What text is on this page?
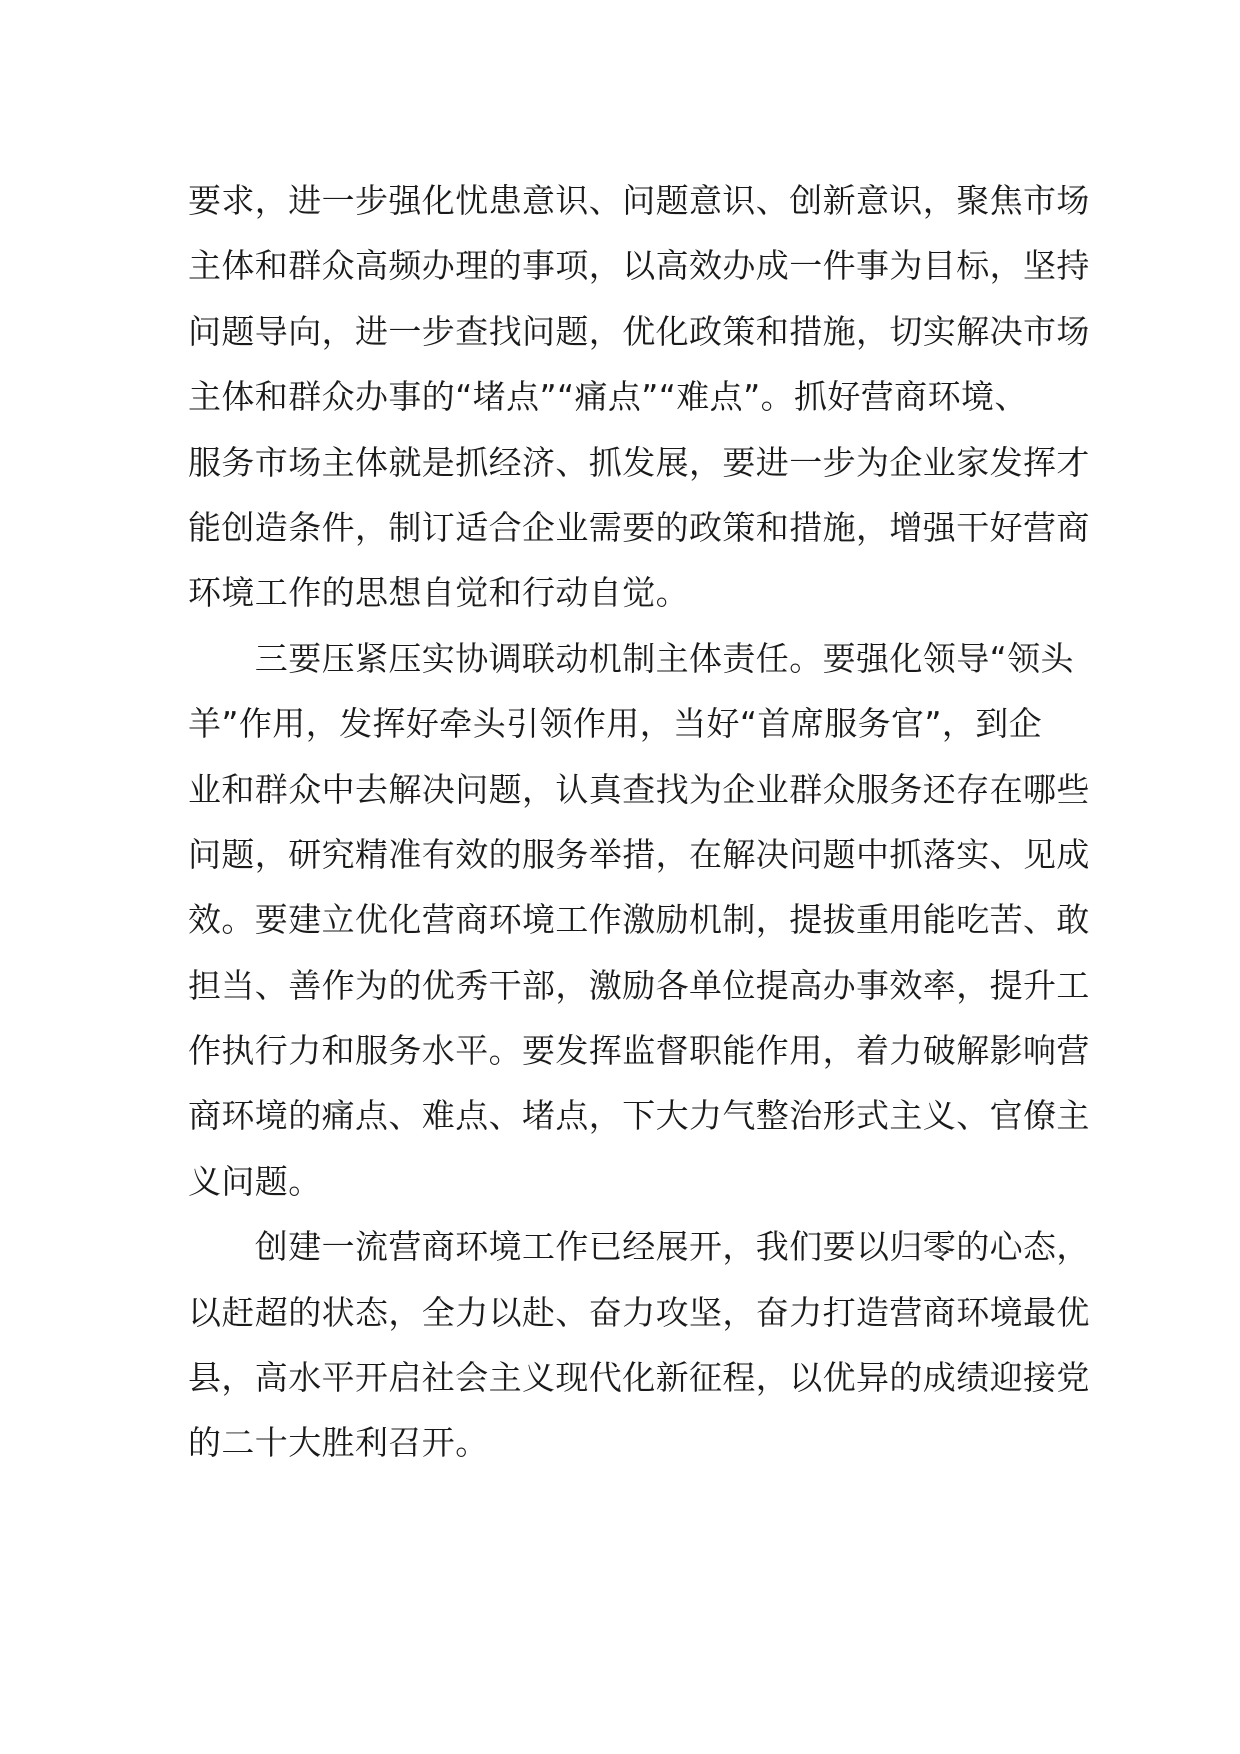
要求，进一步强化忧患意识、问题意识、创新意识，聚焦市场
主体和群众高频办理的事项，以高效办成一件事为目标，坚持
问题导向，进一步查找问题，优化政策和措施，切实解决市场
主体和群众办事的“堵点”“痛点”“难点”。抓好营商环境、
服务市场主体就是抓经济、抓发展，要进一步为企业家发挥才
能创造条件，制订适合企业需要的政策和措施，增强干好营商
环境工作的思想自觉和行动自觉。
　　三要压紧压实协调联动机制主体责任。要强化领导“领头
羊”作用，发挥好牵头引领作用，当好“首席服务官”，到企
业和群众中去解决问题，认真查找为企业群众服务还存在哪些
问题，研究精准有效的服务举措，在解决问题中抓落实、见成
效。要建立优化营商环境工作激励机制，提拔重用能吃苦、敢
担当、善作为的优秀干部，激励各单位提高办事效率，提升工
作执行力和服务水平。要发挥监督职能作用，着力破解影响营
商环境的痛点、难点、堵点，下大力气整治形式主义、官僚主
义问题。
　　创建一流营商环境工作已经展开，我们要以归零的心态，
以赶超的状态，全力以赴、奋力攻坚，奋力打造营商环境最优
县，高水平开启社会主义现代化新征程，以优异的成绩迎接党
的二十大胜利召开。
